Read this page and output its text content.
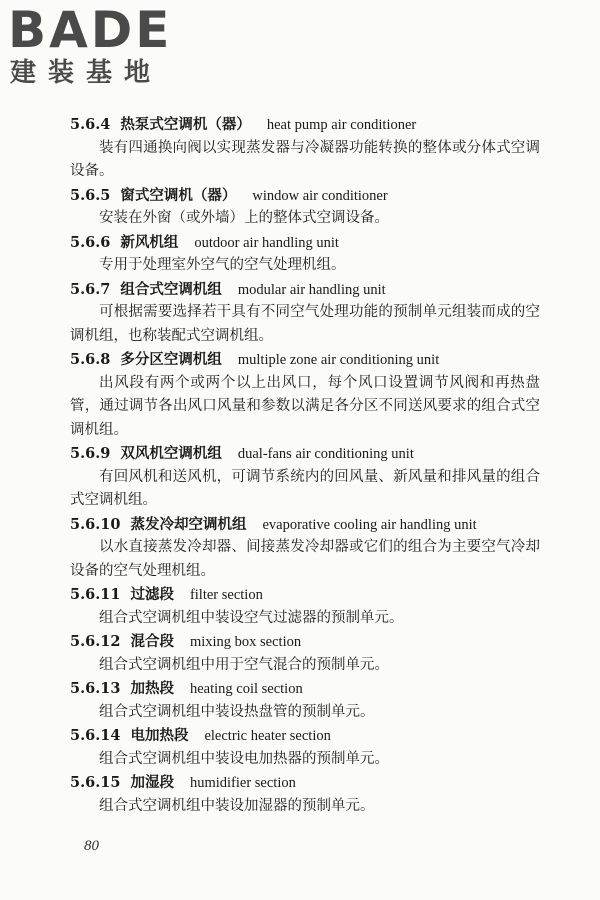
BADE
建装基地
5.6.4 热泵式空调机（器） heat pump air conditioner

装有四通换向阀以实现蒸发器与冷凝器功能转换的整体或分体式空调设备。

5.6.5 窗式空调机（器） window air conditioner

安装在外窗（或外墙）上的整体式空调设备。

5.6.6 新风机组 outdoor air handling unit

专用于处理室外空气的空气处理机组。

5.6.7 组合式空调机组 modular air handling unit

可根据需要选择若干具有不同空气处理功能的预制单元组装而成的空调机组，也称装配式空调机组。

5.6.8 多分区空调机组 multiple zone air conditioning unit

出风段有两个或两个以上出风口，每个风口设置调节风阀和再热盘管，通过调节各出风口风量和参数以满足各分区不同送风要求的组合式空调机组。

5.6.9 双风机空调机组 dual-fans air conditioning unit

有回风机和送风机，可调节系统内的回风量、新风量和排风量的组合式空调机组。

5.6.10 蒸发冷却空调机组 evaporative cooling air handling unit

以水直接蒸发冷却器、间接蒸发冷却器或它们的组合为主要空气冷却设备的空气处理机组。

5.6.11 过滤段 filter section

组合式空调机组中装设空气过滤器的预制单元。

5.6.12 混合段 mixing box section

组合式空调机组中用于空气混合的预制单元。

5.6.13 加热段 heating coil section

组合式空调机组中装设热盘管的预制单元。

5.6.14 电加热段 electric heater section

组合式空调机组中装设电加热器的预制单元。

5.6.15 加湿段 humidifier section

组合式空调机组中装设加湿器的预制单元。

80
